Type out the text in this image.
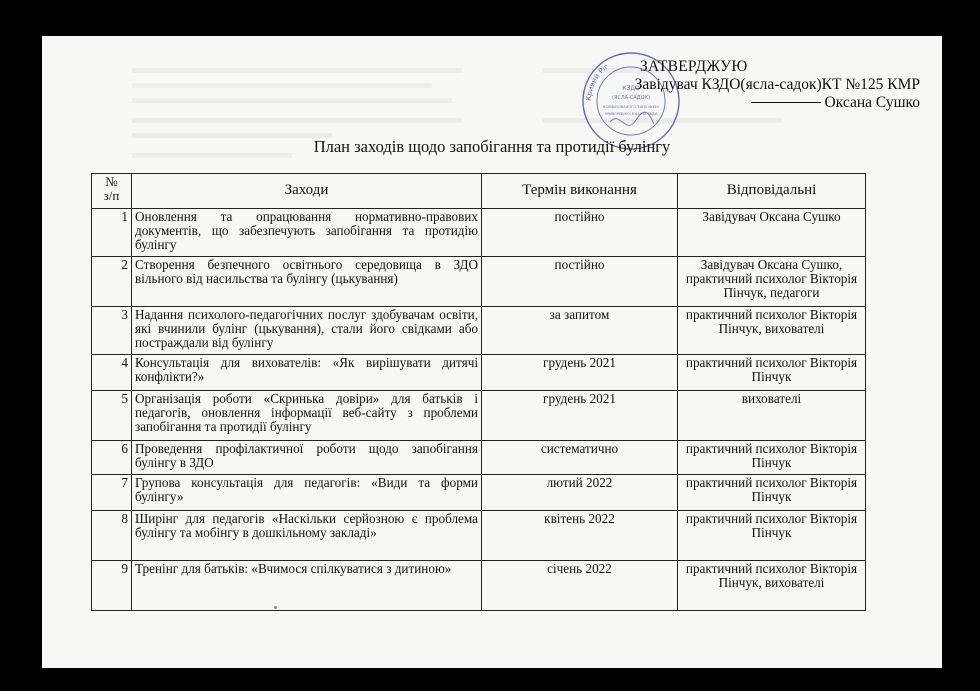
Кривий Ріг
КЗДО
(ЯСЛА-САДОК)
КОМБІНОВАНОГО ТИПУ №125
КРИВОРІЗЬКОЇ МІСЬКОЇ РАДИ
ЗАТВЕРДЖУЮ
Завідувач КЗДО(ясла-садок)КТ №125 КМР
Оксана Сушко
План заходів щодо запобігання та протидії булінгу
№
з/п	Заходи	Термін виконання	Відповідальні
1	Оновлення та опрацювання нормативно-правових документів, що забезпечують запобігання та протидію булінгу	постійно	Завідувач Оксана Сушко
2	Створення безпечного освітнього середовища в ЗДО вільного від насильства та булінгу (цькування)	постійно	Завідувач Оксана Сушко, практичний психолог Вікторія Пінчук, педагоги
3	Надання психолого-педагогічних послуг здобувачам освіти, які вчинили булінг (цькування), стали його свідками або постраждали від булінгу	за запитом	практичний психолог Вікторія Пінчук, вихователі
4	Консультація для вихователів: «Як вирішувати дитячі конфлікти?»	грудень 2021	практичний психолог Вікторія Пінчук
5	Організація роботи «Скринька довіри» для батьків і педагогів, оновлення інформації веб-сайту з проблеми запобігання та протидії булінгу	грудень 2021	вихователі
6	Проведення профілактичної роботи щодо запобігання булінгу в ЗДО	систематично	практичний психолог Вікторія Пінчук
7	Групова консультація для педагогів: «Види та форми булінгу»	лютий 2022	практичний психолог Вікторія Пінчук
8	Шиpінг для педагогів «Наскільки серйозною є проблема булінгу та мобінгу в дошкільному закладі»	квітень 2022	практичний психолог Вікторія Пінчук
9	Тренінг для батьків: «Вчимося спілкуватися з дитиною»	січень 2022	практичний психолог Вікторія Пінчук, вихователі
